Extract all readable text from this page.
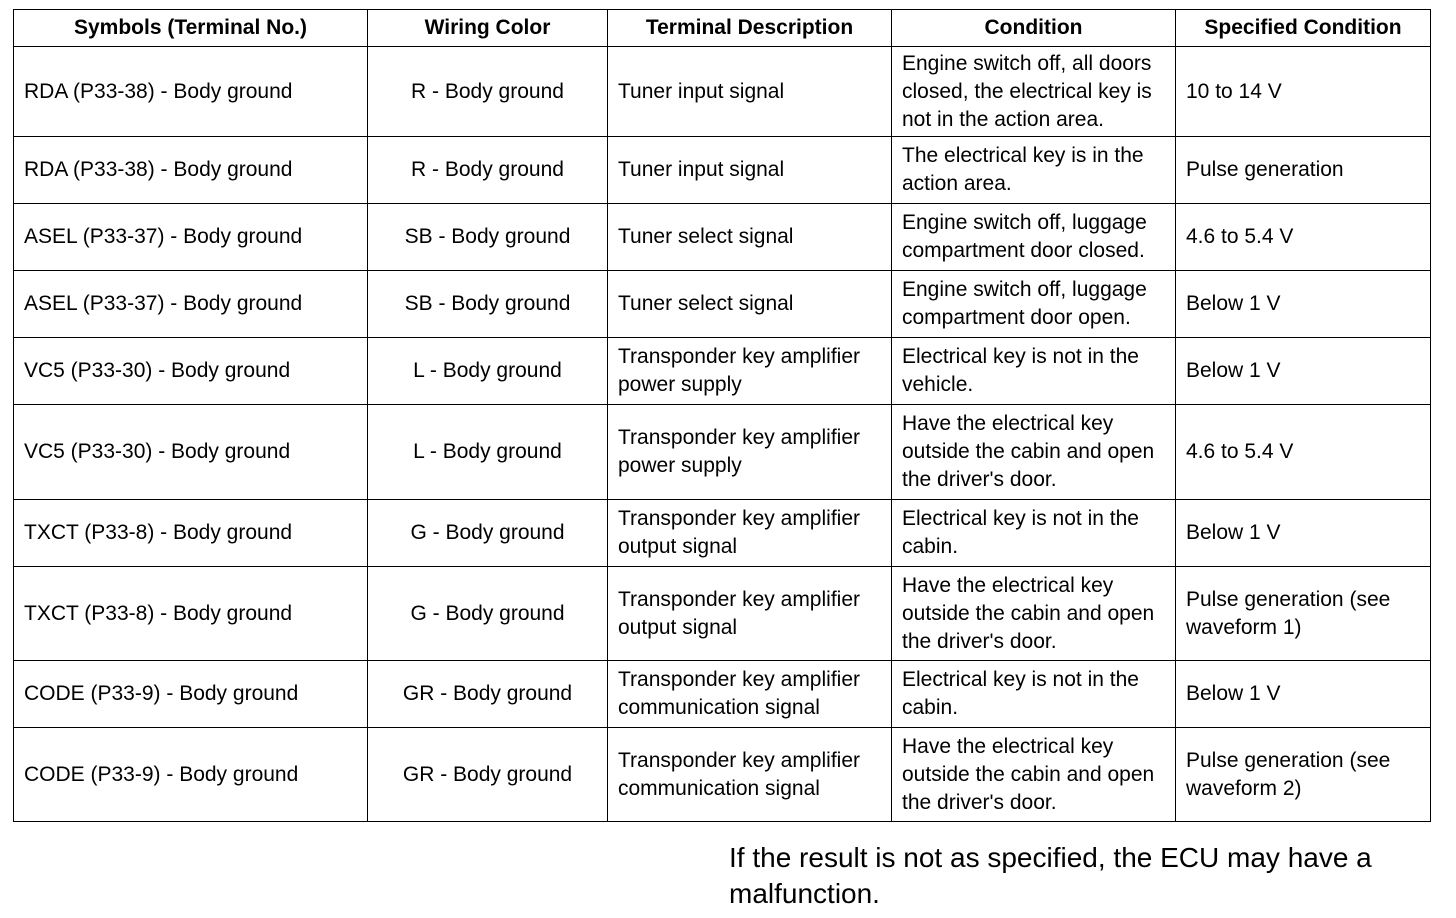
Symbols (Terminal No.)	Wiring Color	Terminal Description	Condition	Specified Condition
RDA (P33-38) - Body ground	R - Body ground	Tuner input signal	Engine switch off, all doors closed, the electrical key is not in the action area.	10 to 14 V
RDA (P33-38) - Body ground	R - Body ground	Tuner input signal	The electrical key is in the action area.	Pulse generation
ASEL (P33-37) - Body ground	SB - Body ground	Tuner select signal	Engine switch off, luggage compartment door closed.	4.6 to 5.4 V
ASEL (P33-37) - Body ground	SB - Body ground	Tuner select signal	Engine switch off, luggage compartment door open.	Below 1 V
VC5 (P33-30) - Body ground	L - Body ground	Transponder key amplifier power supply	Electrical key is not in the vehicle.	Below 1 V
VC5 (P33-30) - Body ground	L - Body ground	Transponder key amplifier power supply	Have the electrical key outside the cabin and open the driver's door.	4.6 to 5.4 V
TXCT (P33-8) - Body ground	G - Body ground	Transponder key amplifier output signal	Electrical key is not in the cabin.	Below 1 V
TXCT (P33-8) - Body ground	G - Body ground	Transponder key amplifier output signal	Have the electrical key outside the cabin and open the driver's door.	Pulse generation (see waveform 1)
CODE (P33-9) - Body ground	GR - Body ground	Transponder key amplifier communication signal	Electrical key is not in the cabin.	Below 1 V
CODE (P33-9) - Body ground	GR - Body ground	Transponder key amplifier communication signal	Have the electrical key outside the cabin and open the driver's door.	Pulse generation (see waveform 2)
If the result is not as specified, the ECU may have a malfunction.
